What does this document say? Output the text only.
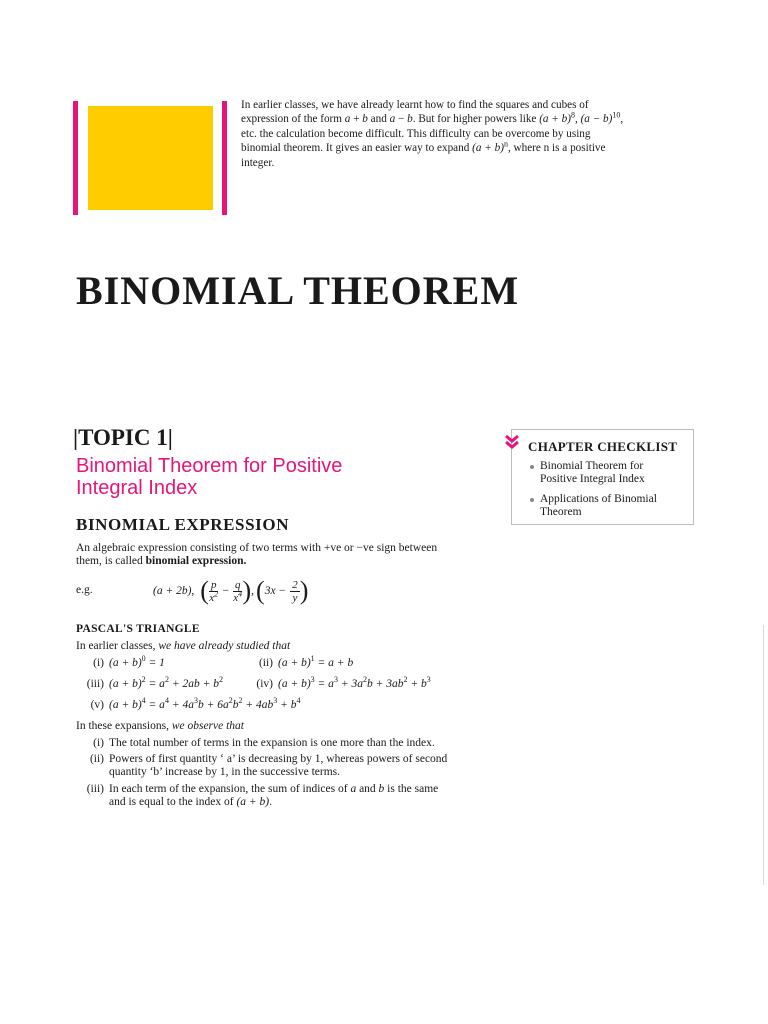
In earlier classes, we have already learnt how to find the squares and cubes of
expression of the form a + b and a − b. But for higher powers like $(a + b)^8$, $(a - b)^{10}$,
etc. the calculation become difficult. This difficulty can be overcome by using
binomial theorem. It gives an easier way to expand $(a + b)^n$, where n is a positive
integer.
BINOMIAL THEOREM
|TOPIC 1|
Binomial Theorem for Positive
Integral Index
CHAPTER CHECKLIST
Binomial Theorem for
Positive Integral Index
Applications of Binomial
Theorem
BINOMIAL EXPRESSION
An algebraic expression consisting of two terms with +ve or −ve sign between
them, is called binomial expression.
e.g.	(a + 2b), ( $\frac{p}{x^2} - \frac{q}{x^4}$ ) , ( $3x - \frac{2}{y}$ )
PASCAL'S TRIANGLE
In earlier classes, we have already studied that
(i) $(a + b)^0 = 1$	(ii) $(a + b)^1 = a + b$
(iii) $(a + b)^2 = a^2 + 2ab + b^2$	(iv) $(a + b)^3 = a^3 + 3a^2b + 3ab^2 + b^3$
(v) $(a + b)^4 = a^4 + 4a^3b + 6a^2b^2 + 4ab^3 + b^4$
In these expansions, we observe that
(i) The total number of terms in the expansion is one more than the index.
(ii) Powers of first quantity ‘ a’ is decreasing by 1, whereas powers of second
quantity ‘b’ increase by 1, in the successive terms.
(iii) In each term of the expansion, the sum of indices of a and b is the same
and is equal to the index of (a + b).
